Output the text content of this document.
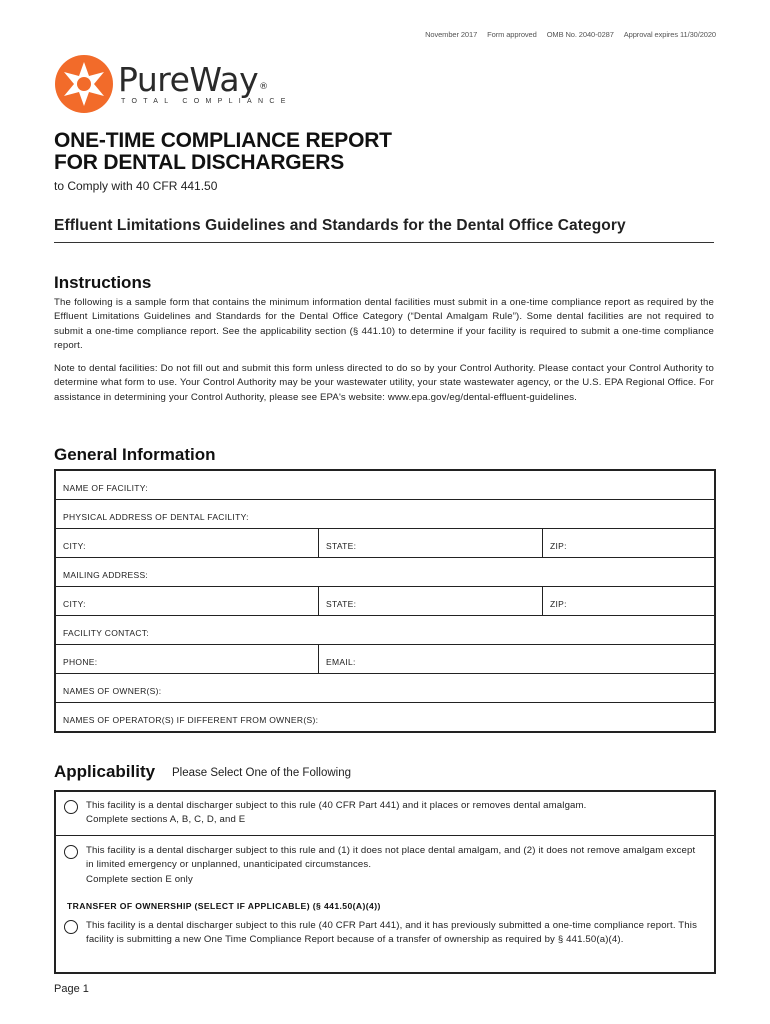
November 2017 Form approved OMB No. 2040-0287 Approval expires 11/30/2020
PureWay®
TOTAL COMPLIANCE
ONE-TIME COMPLIANCE REPORT
FOR DENTAL DISCHARGERS
to Comply with 40 CFR 441.50
Effluent Limitations Guidelines and Standards for the Dental Office Category
Instructions
The following is a sample form that contains the minimum information dental facilities must submit in a one-time compliance report as required by the Effluent Limitations Guidelines and Standards for the Dental Office Category (“Dental Amalgam Rule”). Some dental facilities are not required to submit a one-time compliance report. See the applicability section (§ 441.10) to determine if your facility is required to submit a one-time compliance report.
Note to dental facilities: Do not fill out and submit this form unless directed to do so by your Control Authority. Please contact your Control Authority to determine what form to use. Your Control Authority may be your wastewater utility, your state wastewater agency, or the U.S. EPA Regional Office. For assistance in determining your Control Authority, please see EPA's website: www.epa.gov/eg/dental-effluent-guidelines.
General Information
NAME OF FACILITY:
PHYSICAL ADDRESS OF DENTAL FACILITY:
CITY:	STATE:	ZIP:
MAILING ADDRESS:
CITY:	STATE:	ZIP:
FACILITY CONTACT:
PHONE:	EMAIL:
NAMES OF OWNER(S):
NAMES OF OPERATOR(S) IF DIFFERENT FROM OWNER(S):
Applicability Please Select One of the Following
This facility is a dental discharger subject to this rule (40 CFR Part 441) and it places or removes dental amalgam.
Complete sections A, B, C, D, and E
This facility is a dental discharger subject to this rule and (1) it does not place dental amalgam, and (2) it does not remove amalgam except in limited emergency or unplanned, unanticipated circumstances.
Complete section E only
TRANSFER OF OWNERSHIP (SELECT IF APPLICABLE) (§ 441.50(A)(4))
This facility is a dental discharger subject to this rule (40 CFR Part 441), and it has previously submitted a one-time compliance report. This facility is submitting a new One Time Compliance Report because of a transfer of ownership as required by § 441.50(a)(4).
Page 1
